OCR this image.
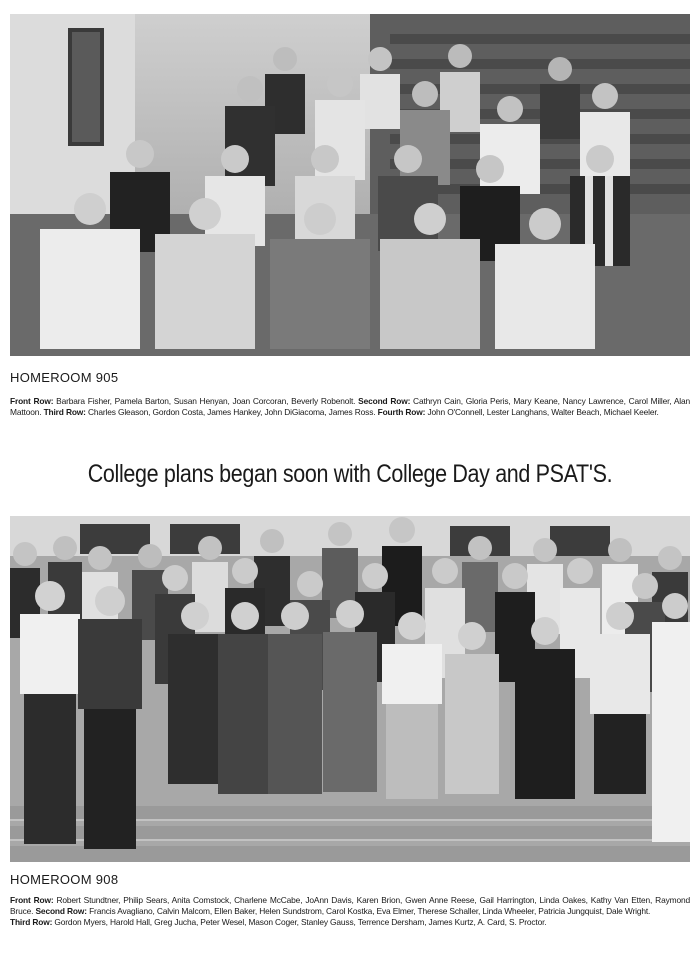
HOMEROOM 905
Front Row: Barbara Fisher, Pamela Barton, Susan Henyan, Joan Corcoran, Beverly Robenolt. Second Row: Cathryn Cain, Gloria Peris, Mary Keane, Nancy Lawrence, Carol Miller, Alan Mattoon. Third Row: Charles Gleason, Gordon Costa, James Hankey, John DiGiacoma, James Ross. Fourth Row: John O'Connell, Lester Langhans, Walter Beach, Michael Keeler.
College plans began soon with College Day and PSAT'S.
HOMEROOM 908
Front Row: Robert Stundtner, Philip Sears, Anita Comstock, Charlene McCabe, JoAnn Davis, Karen Brion, Gwen Anne Reese, Gail Harrington, Linda Oakes, Kathy Van Etten, Raymond Bruce. Second Row: Francis Avagliano, Calvin Malcom, Ellen Baker, Helen Sundstrom, Carol Kostka, Eva Elmer, Therese Schaller, Linda Wheeler, Patricia Jungquist, Dale Wright.
Third Row: Gordon Myers, Harold Hall, Greg Jucha, Peter Wesel, Mason Coger, Stanley Gauss, Terrence Dersham, James Kurtz, A. Card, S. Proctor.
